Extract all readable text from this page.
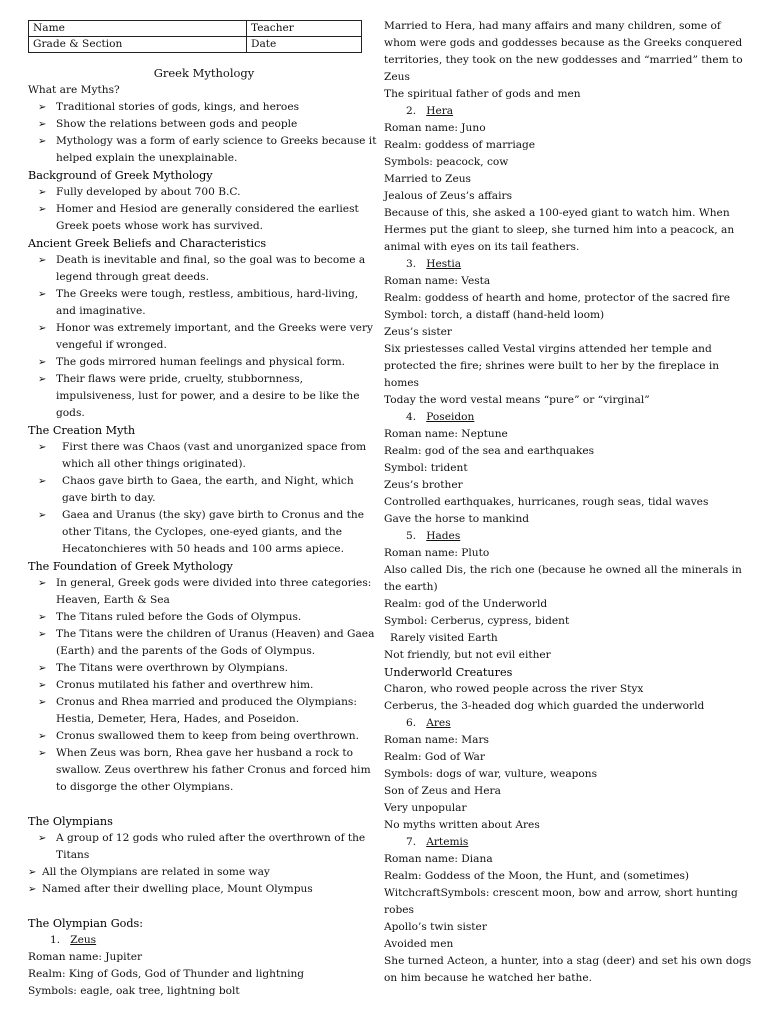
Name	Teacher
Grade & Section	Date
Greek Mythology

What are Myths?

➢ Traditional stories of gods, kings, and heroes
➢ Show the relations between gods and people
➢ Mythology was a form of early science to Greeks because it helped explain the unexplainable.

Background of Greek Mythology

➢ Fully developed by about 700 B.C.
➢ Homer and Hesiod are generally considered the earliest Greek poets whose work has survived.

Ancient Greek Beliefs and Characteristics

➢ Death is inevitable and final, so the goal was to become a legend through great deeds.
➢ The Greeks were tough, restless, ambitious, hard-living, and imaginative.
➢ Honor was extremely important, and the Greeks were very vengeful if wronged.
➢ The gods mirrored human feelings and physical form.
➢ Their flaws were pride, cruelty, stubbornness, impulsiveness, lust for power, and a desire to be like the gods.

The Creation Myth

➢ First there was Chaos (vast and unorganized space from which all other things originated).
➢ Chaos gave birth to Gaea, the earth, and Night, which gave birth to day.
➢ Gaea and Uranus (the sky) gave birth to Cronus and the other Titans, the Cyclopes, one-eyed giants, and the Hecatonchieres with 50 heads and 100 arms apiece.

The Foundation of Greek Mythology

➢ In general, Greek gods were divided into three categories: Heaven, Earth & Sea
➢ The Titans ruled before the Gods of Olympus.
➢ The Titans were the children of Uranus (Heaven) and Gaea (Earth) and the parents of the Gods of Olympus.
➢ The Titans were overthrown by Olympians.
➢ Cronus mutilated his father and overthrew him.
➢ Cronus and Rhea married and produced the Olympians: Hestia, Demeter, Hera, Hades, and Poseidon.
➢ Cronus swallowed them to keep from being overthrown.
➢ When Zeus was born, Rhea gave her husband a rock to swallow. Zeus overthrew his father Cronus and forced him to disgorge the other Olympians.

The Olympians

➢ A group of 12 gods who ruled after the overthrown of the Titans
➢ All the Olympians are related in some way
➢ Named after their dwelling place, Mount Olympus

The Olympian Gods:

1. Zeus

Roman name: Jupiter

Realm: King of Gods, God of Thunder and lightning

Symbols: eagle, oak tree, lightning bolt

Married to Hera, had many affairs and many children, some of whom were gods and goddesses because as the Greeks conquered territories, they took on the new goddesses and “married” them to Zeus

The spiritual father of gods and men

2. Hera

Roman name: Juno

Realm: goddess of marriage

Symbols: peacock, cow

Married to Zeus

Jealous of Zeus’s affairs

Because of this, she asked a 100-eyed giant to watch him. When Hermes put the giant to sleep, she turned him into a peacock, an animal with eyes on its tail feathers.

3. Hestia

Roman name: Vesta

Realm: goddess of hearth and home, protector of the sacred fire

Symbol: torch, a distaff (hand-held loom)

Zeus’s sister

Six priestesses called Vestal virgins attended her temple and protected the fire; shrines were built to her by the fireplace in homes

Today the word vestal means “pure” or “virginal”

4. Poseidon

Roman name: Neptune

Realm: god of the sea and earthquakes

Symbol: trident

Zeus’s brother

Controlled earthquakes, hurricanes, rough seas, tidal waves

Gave the horse to mankind

5. Hades

Roman name: Pluto

Also called Dis, the rich one (because he owned all the minerals in the earth)

Realm: god of the Underworld

Symbol: Cerberus, cypress, bident

Rarely visited Earth

Not friendly, but not evil either

Underworld Creatures

Charon, who rowed people across the river Styx

Cerberus, the 3-headed dog which guarded the underworld

6. Ares

Roman name: Mars

Realm: God of War

Symbols: dogs of war, vulture, weapons

Son of Zeus and Hera

Very unpopular

No myths written about Ares

7. Artemis

Roman name: Diana

Realm: Goddess of the Moon, the Hunt, and (sometimes) WitchcraftSymbols: crescent moon, bow and arrow, short hunting robes

Apollo’s twin sister

Avoided men

She turned Acteon, a hunter, into a stag (deer) and set his own dogs on him because he watched her bathe.
